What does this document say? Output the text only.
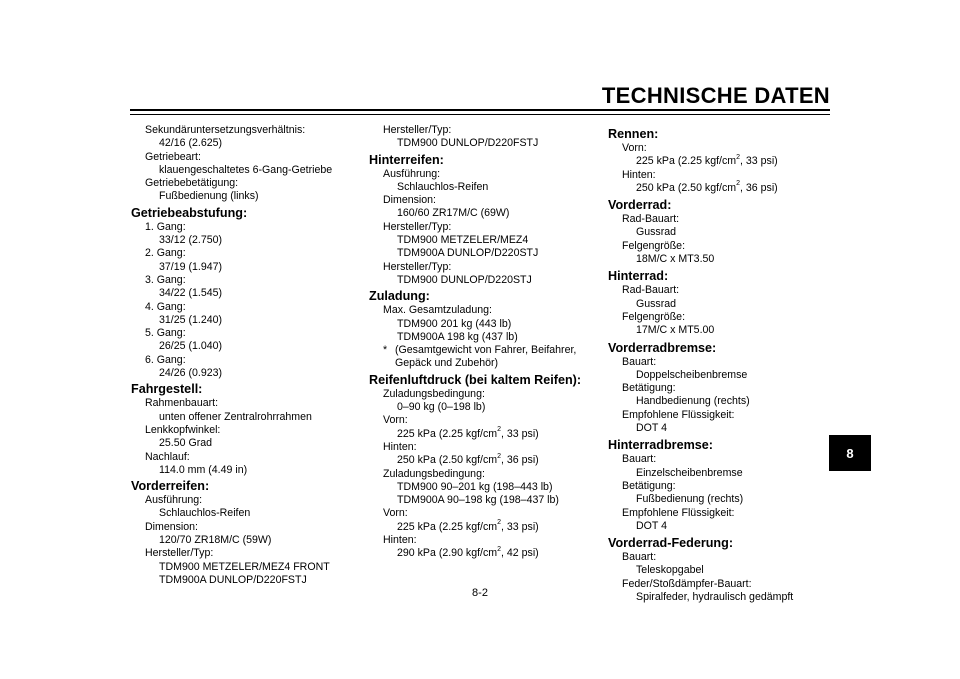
TECHNISCHE DATEN
Sekundäruntersetzungsverhältnis:
42/16 (2.625)
Getriebeart:
klauengeschaltetes 6-Gang-Getriebe
Getriebebetätigung:
Fußbedienung (links)
Getriebeabstufung:
1. Gang:
33/12 (2.750)
2. Gang:
37/19 (1.947)
3. Gang:
34/22 (1.545)
4. Gang:
31/25 (1.240)
5. Gang:
26/25 (1.040)
6. Gang:
24/26 (0.923)
Fahrgestell:
Rahmenbauart:
unten offener Zentralrohrrahmen
Lenkkopfwinkel:
25.50 Grad
Nachlauf:
114.0 mm (4.49 in)
Vorderreifen:
Ausführung:
Schlauchlos-Reifen
Dimension:
120/70 ZR18M/C (59W)
Hersteller/Typ:
TDM900 METZELER/MEZ4 FRONT
TDM900A DUNLOP/D220FSTJ
Hersteller/Typ:
TDM900 DUNLOP/D220FSTJ
Hinterreifen:
Ausführung:
Schlauchlos-Reifen
Dimension:
160/60 ZR17M/C (69W)
Hersteller/Typ:
TDM900 METZELER/MEZ4
TDM900A DUNLOP/D220STJ
Hersteller/Typ:
TDM900 DUNLOP/D220STJ
Zuladung:
Max. Gesamtzuladung:
TDM900 201 kg (443 lb)
TDM900A 198 kg (437 lb)
* (Gesamtgewicht von Fahrer, Beifahrer, Gepäck und Zubehör)
Reifenluftdruck (bei kaltem Reifen):
Zuladungsbedingung:
0–90 kg (0–198 lb)
Vorn:
225 kPa (2.25 kgf/$cm^2$, 33 psi)
Hinten:
250 kPa (2.50 kgf/$cm^2$, 36 psi)
Zuladungsbedingung:
TDM900 90–201 kg (198–443 lb)
TDM900A 90–198 kg (198–437 lb)
Vorn:
225 kPa (2.25 kgf/$cm^2$, 33 psi)
Hinten:
290 kPa (2.90 kgf/$cm^2$, 42 psi)
Rennen:
Vorn:
225 kPa (2.25 kgf/$cm^2$, 33 psi)
Hinten:
250 kPa (2.50 kgf/$cm^2$, 36 psi)
Vorderrad:
Rad-Bauart:
Gussrad
Felgengröße:
18M/C x MT3.50
Hinterrad:
Rad-Bauart:
Gussrad
Felgengröße:
17M/C x MT5.00
Vorderradbremse:
Bauart:
Doppelscheibenbremse
Betätigung:
Handbedienung (rechts)
Empfohlene Flüssigkeit:
DOT 4
Hinterradbremse:
Bauart:
Einzelscheibenbremse
Betätigung:
Fußbedienung (rechts)
Empfohlene Flüssigkeit:
DOT 4
Vorderrad-Federung:
Bauart:
Teleskopgabel
Feder/Stoßdämpfer-Bauart:
Spiralfeder, hydraulisch gedämpft
8-2
8
